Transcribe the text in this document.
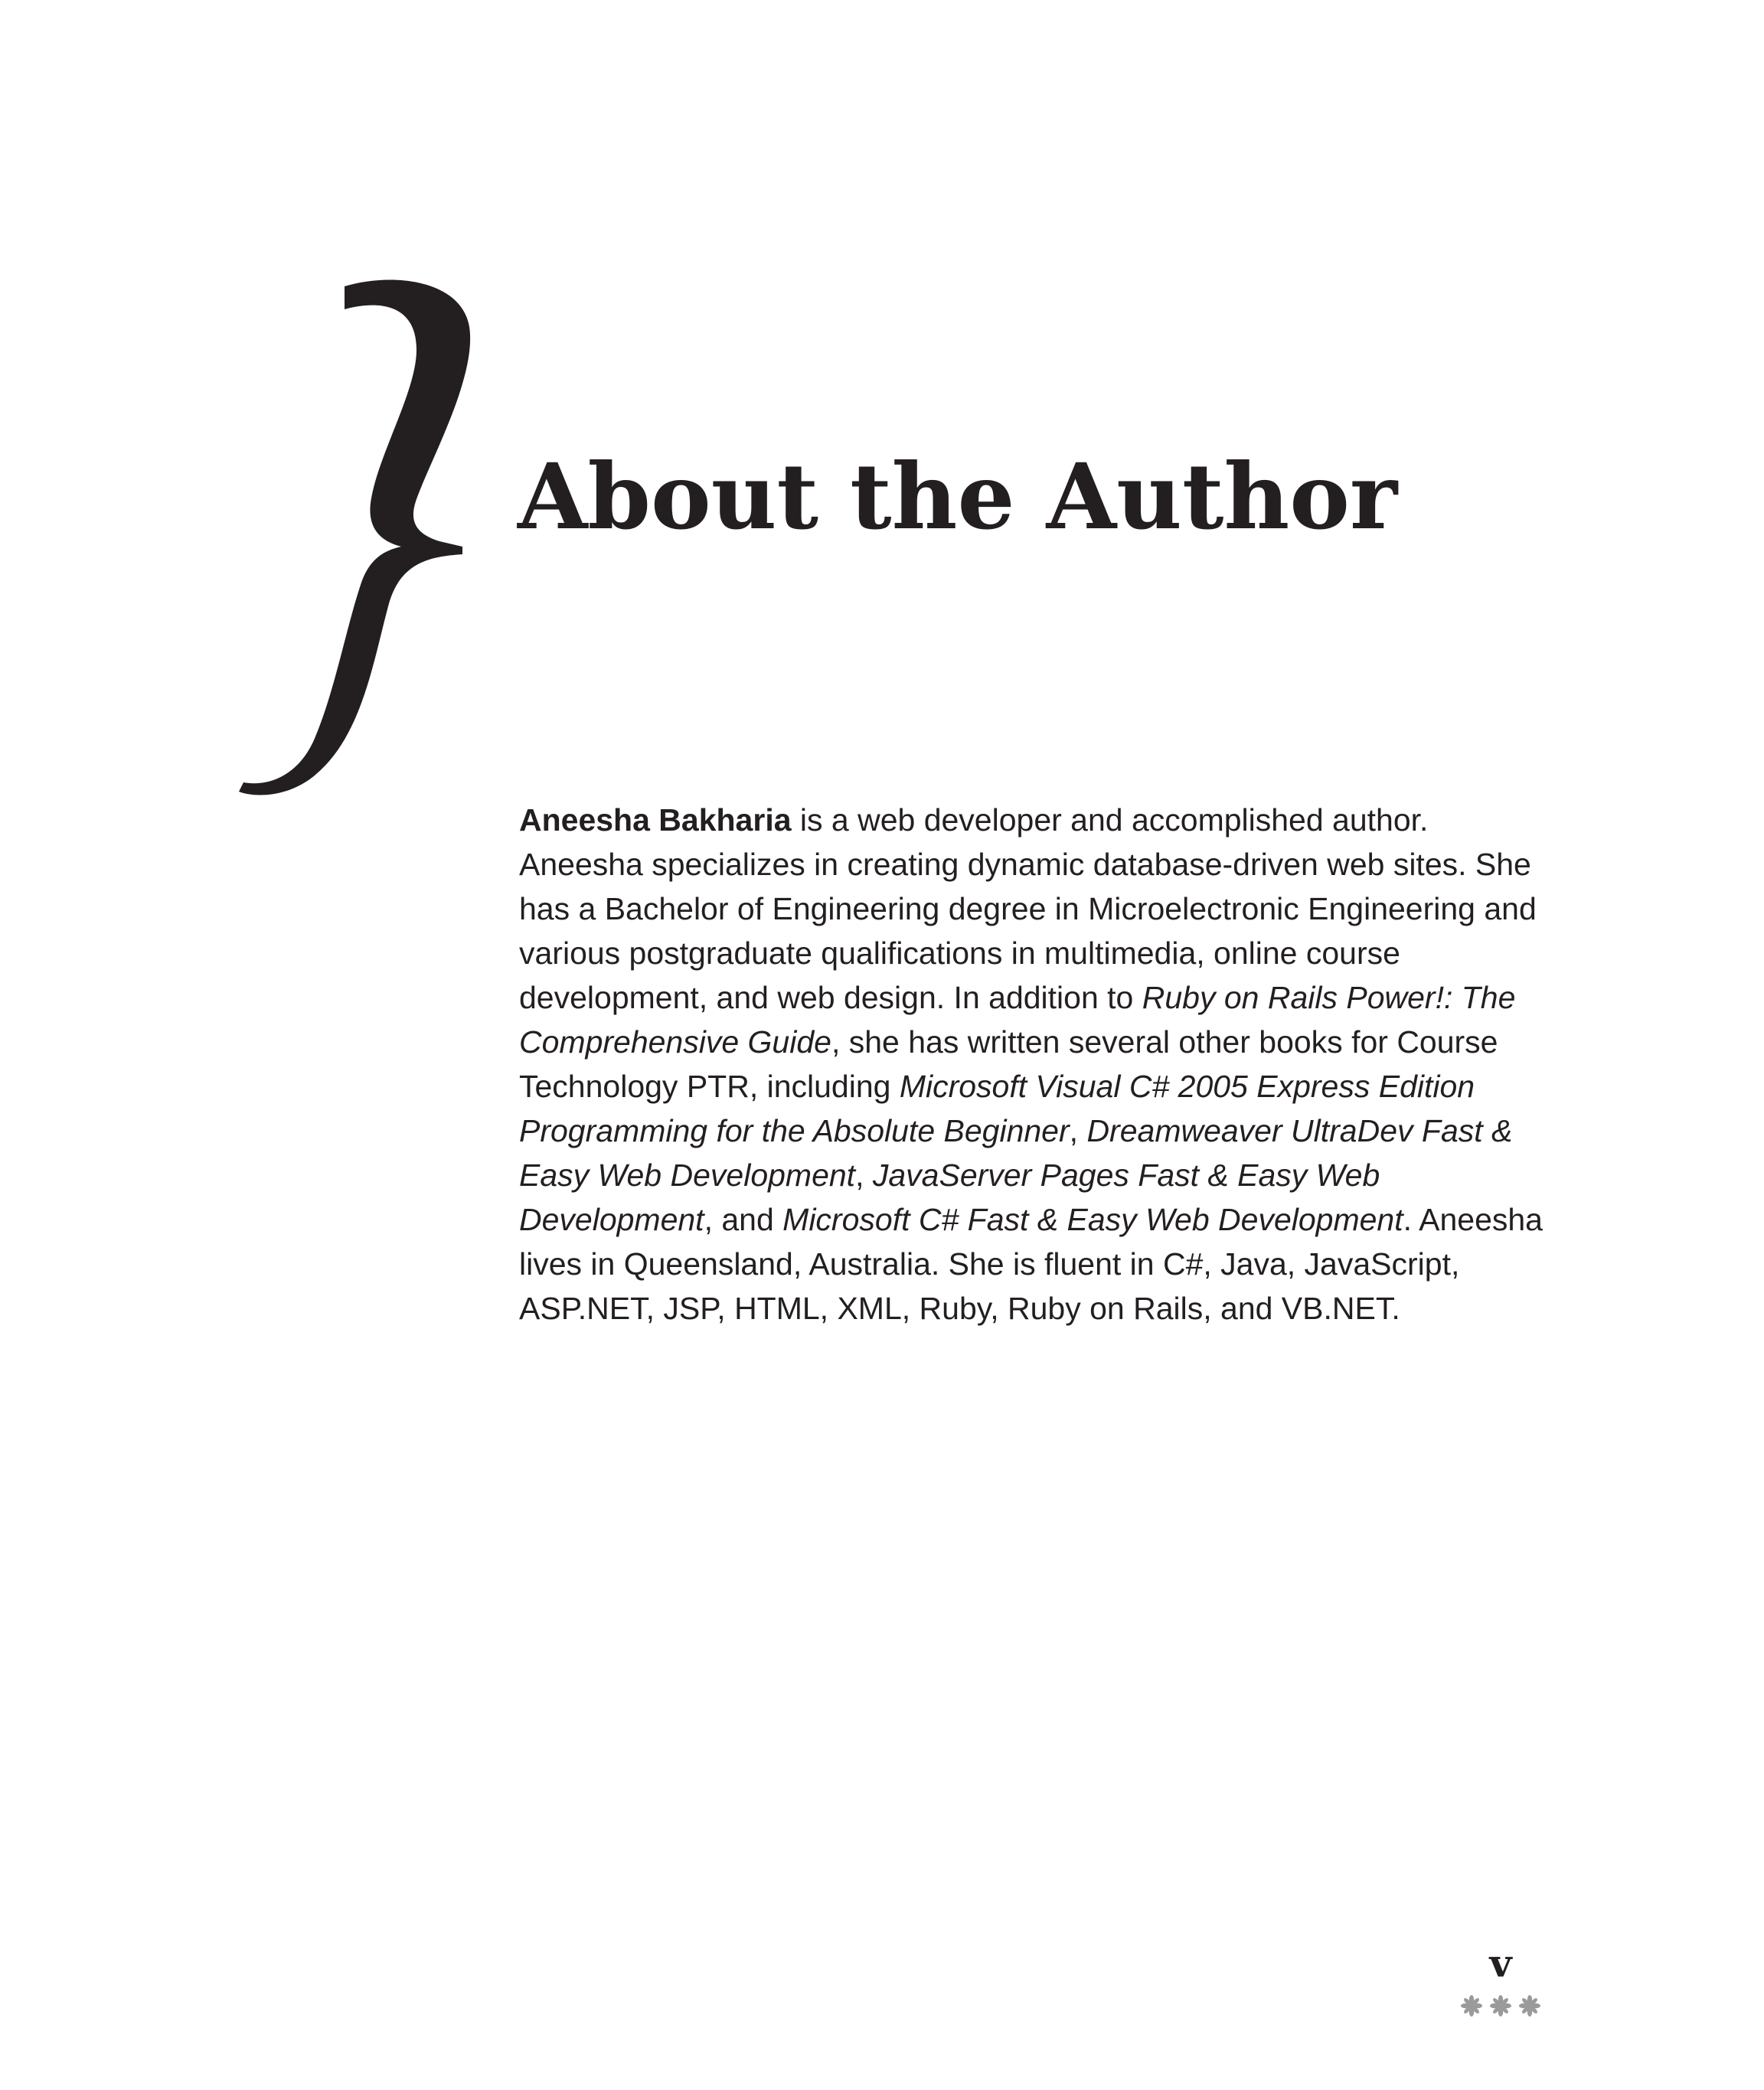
About the Author

Aneesha Bakharia is a web developer and accomplished author. Aneesha specializes in creating dynamic database-driven web sites. She has a Bachelor of Engineering degree in Microelectronic Engineering and various postgraduate qualifications in multimedia, online course development, and web design. In addition to Ruby on Rails Power!: The Comprehensive Guide, she has written several other books for Course Technology PTR, including Microsoft Visual C# 2005 Express Edition Programming for the Absolute Beginner, Dreamweaver UltraDev Fast & Easy Web Development, JavaServer Pages Fast & Easy Web Development, and Microsoft C# Fast & Easy Web Development. Aneesha lives in Queensland, Australia. She is fluent in C#, Java, JavaScript, ASP.NET, JSP, HTML, XML, Ruby, Ruby on Rails, and VB.NET.

v
